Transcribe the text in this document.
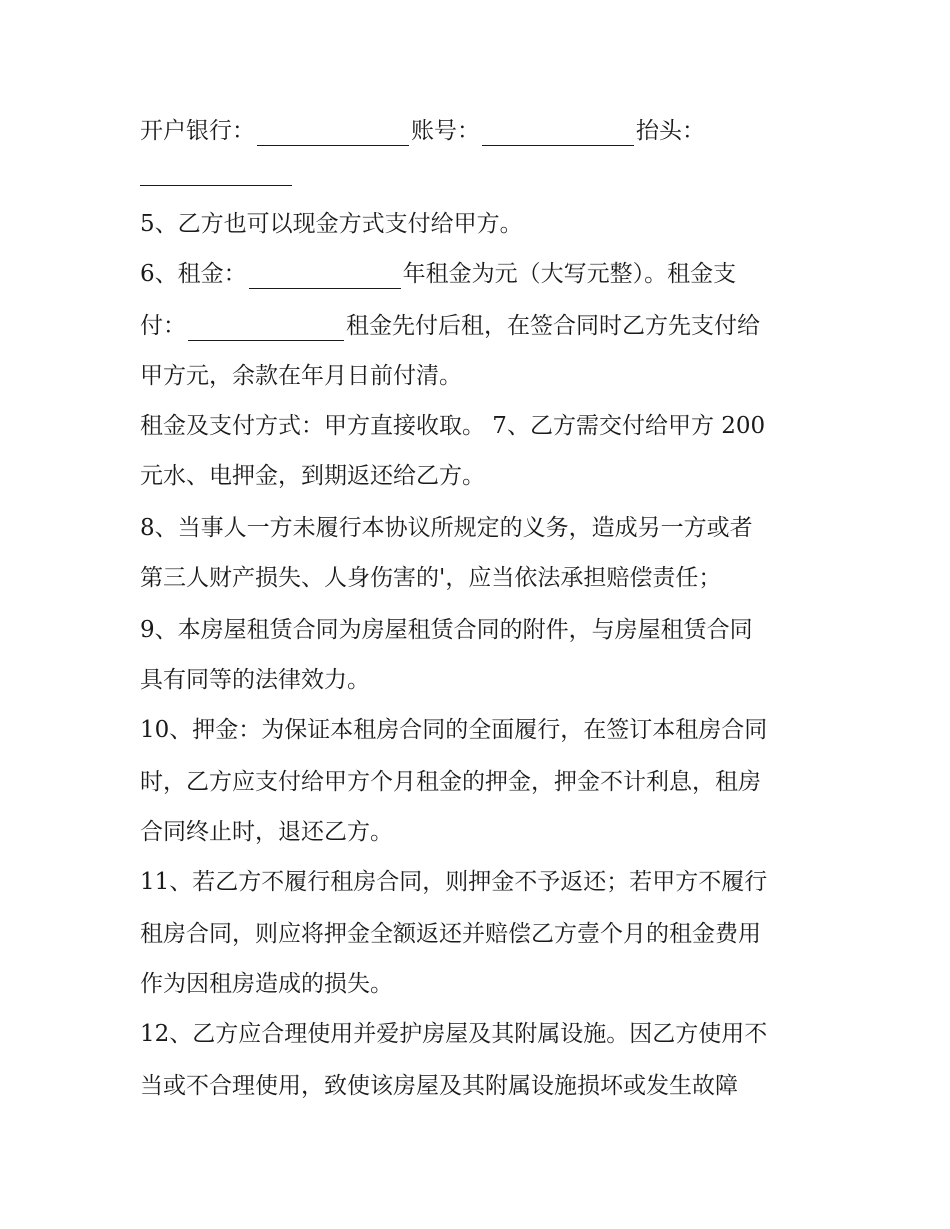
开户银行：	账号：	抬头：
5、乙方也可以现金方式支付给甲方。
6、租金：	年租金为元（大写元整）。租金支
付：	租金先付后租，在签合同时乙方先支付给
甲方元，余款在年月日前付清。
租金及支付方式：甲方直接收取。 7、乙方需交付给甲方 200
元水、电押金，到期返还给乙方。
8、当事人一方未履行本协议所规定的义务，造成另一方或者
第三人财产损失、人身伤害的'，应当依法承担赔偿责任；
9、本房屋租赁合同为房屋租赁合同的附件，与房屋租赁合同
具有同等的法律效力。
10、押金：为保证本租房合同的全面履行，在签订本租房合同
时，乙方应支付给甲方个月租金的押金，押金不计利息，租房
合同终止时，退还乙方。
11、若乙方不履行租房合同，则押金不予返还；若甲方不履行
租房合同，则应将押金全额返还并赔偿乙方壹个月的租金费用
作为因租房造成的损失。
12、乙方应合理使用并爱护房屋及其附属设施。因乙方使用不
当或不合理使用，致使该房屋及其附属设施损坏或发生故障
